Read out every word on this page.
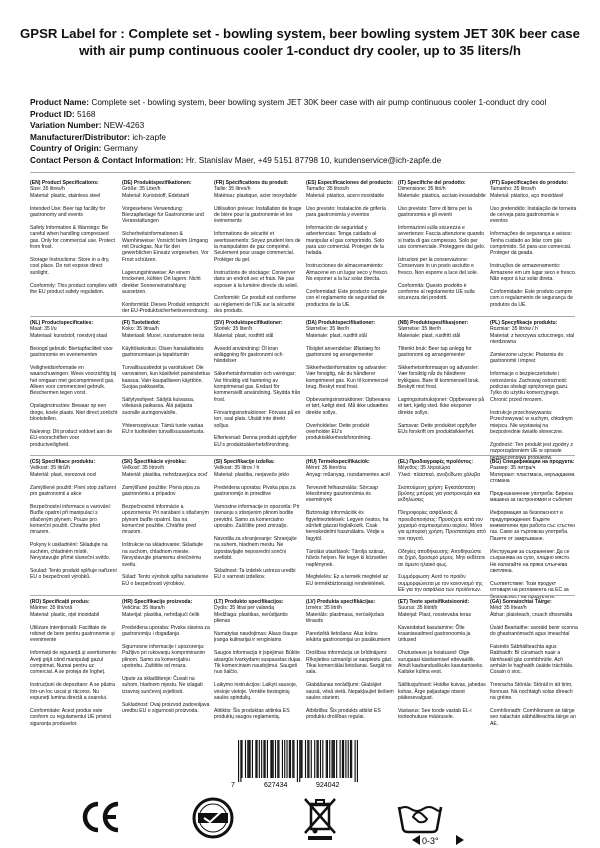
GPSR Label for : Complete set - bowling system, beer bowling system JET 30K beer case with air pump continuous cooler 1-conduct dry cooler, up to 35 liters/h
Product Name: Complete set - bowling system, beer bowling system JET 30K beer case with air pump continuous cooler 1-conduct dry cool
Product ID: 5168
Variation Number: NEW-4263
Manufacturer/Distributor: ich-zapfe
Country of Origin: Germany
Contact Person & Contact Information: Hr. Stanislav Maer, +49 5151 87798 10, kundenservice@ich-zapfe.de

(EN) Product Specifications:

Size: 35 litres/h
Material: plastic, stainless steel

Intended Use: Beer tap facility for gastronomy and events

Safety Information & Warnings: Be careful when handling compressed gas. Only for commercial use. Protect from frost.

Storage Instructions: Store in a dry, cool place. Do not expose direct sunlight.

Conformity: This product complies with the EU product safety regulation.

(DE) Produktspezifikationen:

Größe: 35 Liter/h
Material: Kunststoff, Edelstahl

Vorgesehene Verwendung: Bierzapfanlage für Gastronomie und Veranstaltungen

Sicherheitsinformationen & Warnhinweise: Vorsicht beim Umgang mit Druckgas. Nur für den gewerblichen Einsatz vorgesehen. Vor Frost schützen.

Lagerungshinweise: An einem trockenen, kühlen Ort lagern. Nicht direkter Sonneneinstrahlung aussetzen.

Konformität: Dieses Produkt entspricht der EU-Produktsicherheitsverordnung.

(FR) Spécifications du produit:

Taille: 35 litres/h
Matériau: plastique, acier inoxydable

Utilisation prévue: Installation de tirage de bière pour la gastronomie et les événements

Informations de sécurité et avertissements: Soyez prudent lors de la manipulation de gaz comprimé. Seulement pour usage commercial. Protéger du gel.

Instructions de stockage: Conserver dans un endroit sec et frais. Ne pas exposer à la lumière directe du soleil.

Conformité: Ce produit est conforme au règlement de l'UE sur la sécurité des produits.

(ES) Especificaciones del producto:

Tamaño: 35 litros/h
Material: plástico, acero inoxidable

Uso previsto: Instalación de grifería para gastronomía y eventos

Información de seguridad y advertencias: Tenga cuidado al manipular el gas comprimido. Solo para uso comercial. Proteger de la helada.

Instrucciones de almacenamiento: Almacene en un lugar seco y fresco. No exponer a la luz solar directa.

Conformidad: Este producto cumple con el reglamento de seguridad de productos de la UE.

(IT) Specifiche del prodotto:

Dimensione: 35 litri/h
Materiale: plastica, acciaio inossidabile

Uso previsto: Torre di birra per la gastronomia e gli eventi

Informazioni sulla sicurezza e avvertenze: Faccia attenzione quando si tratta di gas compresso. Solo per uso commerciale. Proteggere dal gelo.

Istruzioni per la conservazione: Conservare in un posto asciutto e fresco. Non esporre a luce del sole.

Conformità: Questo prodotto è conforme al regolamento UE sulla sicurezza dei prodotti.

(PT) Especificações do produto:

Tamanho: 35 litros/h
Material: plástico, aço inoxidável

Uso pretendido: Instalação de torneira de cerveja para gastronomia e eventos

Informações de segurança e avisos: Tenha cuidado ao lidar com gás comprimido. Só para uso comercial. Proteger da geada.

Instruções de armazenamento: Armazene em um lugar seco e fresco. Não expor à luz solar direta.

Conformidade: Este produto cumpre com o regulamento de segurança de produtos da UE.

(NL) Productspecificaties:

Maat: 35 l/u
Materiaal: kunststof, roestvrij staal

Beoogd gebruik: Biertapfaciliteit voor gastronomie en evenementen

Veiligheidsinformatie en waarschuwingen: Wees voorzichtig bij het omgaan met gecomprimeerd gas. Alleen voor commercieel gebruik. Beschermen tegen vorst.

Opslaginstructies: Bewaar op een droge, koele plaats. Niet direct zonlicht blootstellen.

Naleving: Dit product voldoet aan de EU-voorschriften voor productveiligheid.

(FI) Tuotetiedot:

Koko: 35 litraa/h
Materiaali: Muovi, ruostumaton teräs

Käyttötarkoitus: Oluen hanalaitteisto gastronomiaan ja tapahtumiin

Turvallisuustiedot ja varoitukset: Ole varovainen, kun käsittelet paineistettua kaasua. Vain kaupalliseen käyttöön. Suojaa pakkaselta.

Säilytysohjeet: Säilytä kuivassa, viileässä paikassa. Älä paljasta suoralle auringonvalolle.

Yhteensopivuus: Tämä tuote vastaa EU:n tuotteiden turvallisuusasetusta.

(SV) Produktspecifikationer:

Storlek: 35 liter/h
Material: plast, rostfritt stål

Avsedd användning: Öl kran anläggning för gastronomi och händelser

Säkerhetsinformation och varningar: Var försiktig vid hantering av komprimerad gas. Endast för kommersiellt användning. Skydda från frost.

Förvaringsinstruktioner: Förvara på en torr, sval plats. Utsätt inte direkt solljus.

Efterlevnad: Denna produkt uppfyller EU:s produktsäkerhetsförordning.

(DA) Produktspecifikationer:

Størrelse: 35 liter/h
Materiale: plast, rustfrit stål

Tilsigtet anvendelse: Ølanlæg for gastronomi og arrangementer

Sikkerhedsinformation og advarsler: Vær forsigtig, når du håndterer komprimeret gas. Kun til kommerciel brug. Beskyt mod frost.

Opbevaringsinstruktioner: Opbevares et tørt, køligt sted. Må ikke udsættes direkte sollys.

Overholdelse: Dette produkt overholder EU's produktsikkerhedsforordning.

(NB) Produktspesifikasjoner:

Størrelse: 35 liter/h
Materiale: plast, rustfritt stål

Tiltenkt bruk: Beer tap anlegg for gastronomi og arrangementer

Sikkerhetsinformasjon og advarsler: Vær forsiktig når du håndterer trykkgass. Bare til kommersiell bruk. Beskytt mot frost.

Lagringsinstruksjoner: Oppbevares på et tørt, kjølig sted. Ikke eksponer direkte sollys.

Samsvar: Dette produktet oppfyller EUs forskrift om produktsikkerhet.

(PL) Specyfikacje produktu:

Rozmiar: 35 litrów / h
Materiał: z tworzywa sztucznego, stal nierdzewna

Zamierzone użycie: Piwiarnia do gastronomii i imprez

Informacje o bezpieczeństwie i ostrzeżenia: Zachowaj ostrożność podczas obsługi sprężonego gazu. Tylko do użytku komercyjnego. Chronić przed mrozem.

Instrukcje przechowywania: Przechowywać w suchym, chłodnym miejscu. Nie wystawiaj na bezpośrednie światło słoneczne.

Zgodność: Ten produkt jest zgodny z rozporządzeniem UE w sprawie bezpieczeństwa produktów.

(CS) Specifikace produktu:

Velikost: 35 litrů/h
Materiál: plast, nerezová ocel

Zamýšlené použití: Pivní stop zařízení pro gastronomii a akce

Bezpečnostní informace a varování: Buďte opatrní při manipulaci s stlačeným plynem. Pouze pro komerční použití. Chraňte před mrazem.

Pokyny k uskladnění: Skladujte na suchém, chladném místě. Nevystavujte přímé sluneční světlo.

Soulad: Tento produkt splňuje nařízení EU o bezpečnosti výrobků.

(SK) Špecifikácie výrobku:

Veľkosť: 35 litrov/h
Materiál: plastika, nehrdzavejúca oceľ

Zamýšľané použitie: Pivná pipa za gastronómiu a prípadov

Bezpečnostné informácie a upozornenia: Pri narábaní s stlačeným plynom buďte opatrní. Iba na komerčné použitie. Chráňte pred mrazom.

Inštrukcie na skladovanie: Skladujte na suchom, chladnom mieste. Nevystavujte priamemu slnečnému svetlu.

Súlad: Tento výrobok spĺňa nariadenie EÚ o bezpečnosti výrobkov.

(SI) Specifikacije izdelka:

Velikost: 35 litrov / h
Material: plastika, nerjaveče jeklo

Predvidena uporaba: Pivska pipa za gastronomijo in prireditve

Varnostne informacije in opozorila: Pri ravnanju s stisnjenim plinom bodite previdni. Samo za komercialno uporabo. Zaščitite pred zmrzaljo.

Navodila za shranjevanje: Shranjujte na suhem, hladnem mestu. Ne izpostavljajte neposredni sončni svetlobi.

Skladnost: Ta izdelek ustreza uredbi EU o varnosti izdelkov.

(HU) Termékspecifikációk:

Méret: 35 liter/óra
Anyag: műanyag, rozsdamentes acél

Tervezett felhasználás: Sörcsap létesítmény gasztronómia és események

Biztonsági információk és figyelmeztetések: Legyen óvatos, ha sűrített gázzal foglalkozik. Csak kereskedelmi használatra. Védje a fagytól.

Tárolási utasítások: Tárolja száraz, hűvös helyen. Ne tegye ki közvetlen napfénynek.

Megfelelés: Ez a termék megfelel az EU termékbiztonsági rendeletének.

(EL) Προδιαγραφές προϊόντος:

Μέγεθος: 35 λίτρα/ώρα
Υλικό: πλαστικό, ανοξείδωτο χάλυβα

Σκοπούμενη χρήση: Εγκατάσταση βρύσης μπύρας για γαστρονομία και εκδηλώσεις

Πληροφορίες ασφάλειας & προειδοποιήσεις: Προσέχετε κατά τον χειρισμό συμπιεσμένου αερίου. Μόνο για εμπορική χρήση. Προστατέψτε από τον παγετό.

Οδηγίες αποθήκευσης: Αποθηκεύστε σε ξηρό, δροσερό μέρος. Μην εκθέτετε σε άμεσο ηλιακό φως.

Συμμόρφωση: Αυτό το προϊόν συμμορφώνεται με τον κανονισμό της ΕΕ για την ασφάλεια των προϊόντων.

(BG) Спецификации на продукта:

Размер: 35 литра/ч
Материал: пластмаса, неръждаема стомана

Предназначение употреба: Бирена машина за гастрономия и събития

Информация за безопасност и предупреждения: Бъдете внимателни при работа със сгъстен газ. Само за търговска употреба. Пазете от замръзване.

Инструкции за съхранение: Да се съхранява на сухо, хладно място. Не излагайте на пряка слънчева светлина.

Съответствие: Този продукт отговаря на регламента на ЕС за безопасност на продуктите.

(RO) Specificații produs:

Mărime: 35 litri/oră
Material: plastic, oțel inoxidabil

Utilizare intenționată: Facilitate de robinet de bere pentru gastronomie și evenimente

Informații de siguranță și avertismente: Aveți grijă când manipulați gazul comprimat. Numai pentru uz comercial. A se proteja de îngheț.

Instrucțiuni de depozitare: A se păstra într-un loc uscat și răcoros. Nu expuneți lumina directă a soarelui.

Conformitate: Acest produs este conform cu regulamentul UE privind siguranța produselor.

(HR) Specifikacije proizvoda:

Veličina: 35 litara/h
Materijal: plastika, nehrđajući čelik

Predviđena uporaba: Pivska slavina za gastronomiju i događanja

Sigurnosne informacije i upozorenja: Pažljivo pri rukovanju komprimiranim plinom. Samo za komercijalnu upotrebu. Zaštitite od mraza.

Upute za skladištenje: Čuvati na suhom, hladnom mjestu. Ne izlagati izravnoj sunčevoj svjetlosti.

Sukladnost: Ovaj proizvod zadovoljava uredbu EU o sigurnosti proizvoda.

(LT) Produkto specifikacijos:

Dydis: 35 litrai per valandą
Medžiaga: plastikas, nerūdijantis plienas

Numatytas naudojimas: Alaus čiaupo įranga kulinarijai ir renginiams

Saugos informacija ir įspėjimai: Būkite atsargūs tvarkydami suspaustas dujas. Tik komerciniam naudojimui. Saugoti nuo šalčio.

Laikymo instrukcijos: Laikyti sausoje, vėsioje vietoje. Venkite tiesioginių saulės spindulių.

Atitiktis: Šis produktas atitinka ES produktų saugos reglamentą.

(LV) Produkta specifikācijas:

Izmērs: 35 litri/h
Materiāls: plastmasa, nerūsējošais tērauds

Paredzētā lietošana: Alus krānu iekārta gastronomijai un pasākumiem

Drošības informācija un brīdinājumi: Rīkojieties uzmanīgi ar saspiestu gāzi. Tikai komerciālai lietošanai. Sargāt no sala.

Glabāšanas norādījumi: Glabājiet sausā, vēsā vietā. Nepakļaujiet tiešiem saules stariem.

Atbilstība: Šis produkts atbilst ES produktu drošības regulai.

(ET) Toote spetsifikatsioonid:

Suurus: 35 liitrit/h
Materjal: Plast, roostevaba teras

Kavandatud kasutamine: Õlle kraaniseadmed gastronoomia ja üritused

Ohutusteave ja hoiatused: Olge surugaasi käsitsemisel ettevaatlik. Ainult kaubanduslikuks kasutamiseks. Kaitske külma eest.

Säilitusjuhised: Hoidke kuivas, jahedas kohas. Ärge paljastage otsest päikesevalgust.

Vastavus: See toode vastab EL-i tooteohutuse määrusele.

(GA) Sonraíochtaí Táirge:

Méid: 35 lítear/h
Ábhar: plaisteach, cruach dhosmálta

Úsáid Beartaithe: saoráid beoir sconna do ghastranómacht agus imeachtaí

Faisnéis Sábháilteachta agus Rabhaidh: Bí cúramach nuair a láimhseáil gás comhbhrúite. Ach amháin le haghaidh úsáide tráchtála. Cosain ó sioc.

Treoracha Stórála: Stóráil in áit tirim, fionnuar. Ná nochtaigh solas díreach na gréine.

Comhlíonadh: Comhlíonann an táirge seo rialachán sábháilteachta táirge an AE.

7	627434	924042
0-3°
